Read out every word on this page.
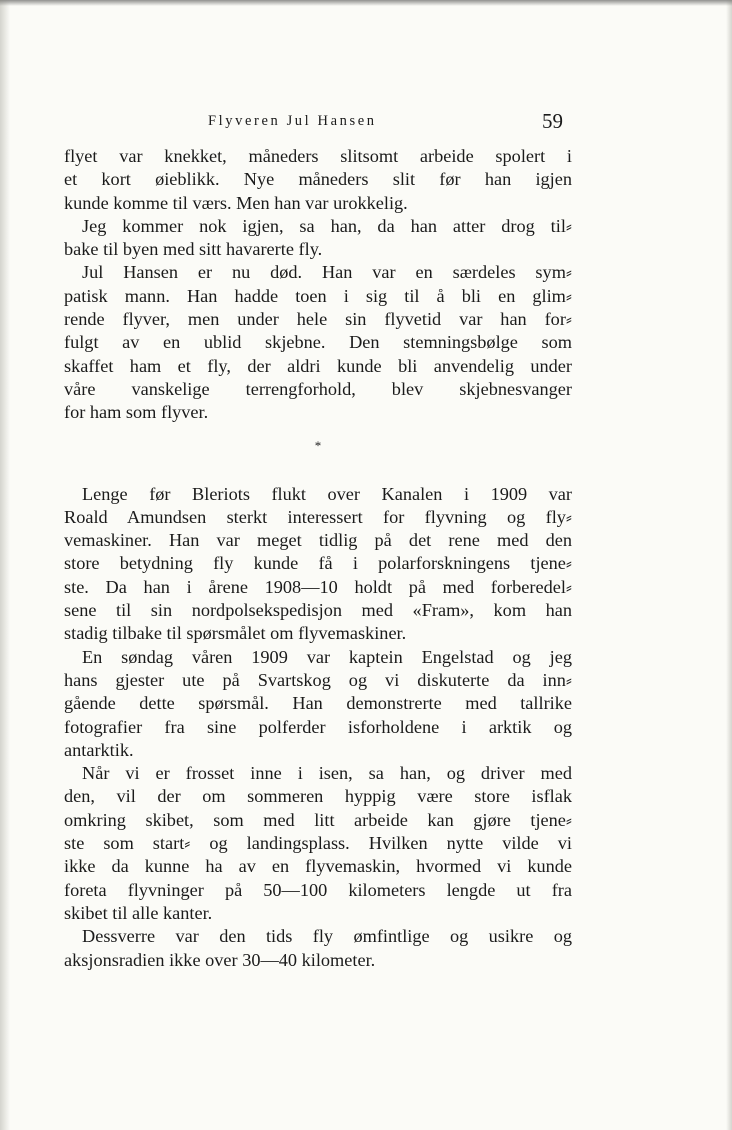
Flyveren Jul Hansen	59

flyet var knekket, måneders slitsomt arbeide spolert i

et kort øieblikk. Nye måneders slit før han igjen

kunde komme til værs. Men han var urokkelig.

Jeg kommer nok igjen, sa han, da han atter drog til⸗

bake til byen med sitt havarerte fly.

Jul Hansen er nu død. Han var en særdeles sym⸗

patisk mann. Han hadde toen i sig til å bli en glim⸗

rende flyver, men under hele sin flyvetid var han for⸗

fulgt av en ublid skjebne. Den stemningsbølge som

skaffet ham et fly, der aldri kunde bli anvendelig under

våre vanskelige terrengforhold, blev skjebnesvanger

for ham som flyver.

*

Lenge før Bleriots flukt over Kanalen i 1909 var

Roald Amundsen sterkt interessert for flyvning og fly⸗

vemaskiner. Han var meget tidlig på det rene med den

store betydning fly kunde få i polarforskningens tjene⸗

ste. Da han i årene 1908—10 holdt på med forberedel⸗

sene til sin nordpolsekspedisjon med «Fram», kom han

stadig tilbake til spørsmålet om flyvemaskiner.

En søndag våren 1909 var kaptein Engelstad og jeg

hans gjester ute på Svartskog og vi diskuterte da inn⸗

gående dette spørsmål. Han demonstrerte med tallrike

fotografier fra sine polferder isforholdene i arktik og

antarktik.

Når vi er frosset inne i isen, sa han, og driver med

den, vil der om sommeren hyppig være store isflak

omkring skibet, som med litt arbeide kan gjøre tjene⸗

ste som start⸗ og landingsplass. Hvilken nytte vilde vi

ikke da kunne ha av en flyvemaskin, hvormed vi kunde

foreta flyvninger på 50—100 kilometers lengde ut fra

skibet til alle kanter.

Dessverre var den tids fly ømfintlige og usikre og

aksjonsradien ikke over 30—40 kilometer.
